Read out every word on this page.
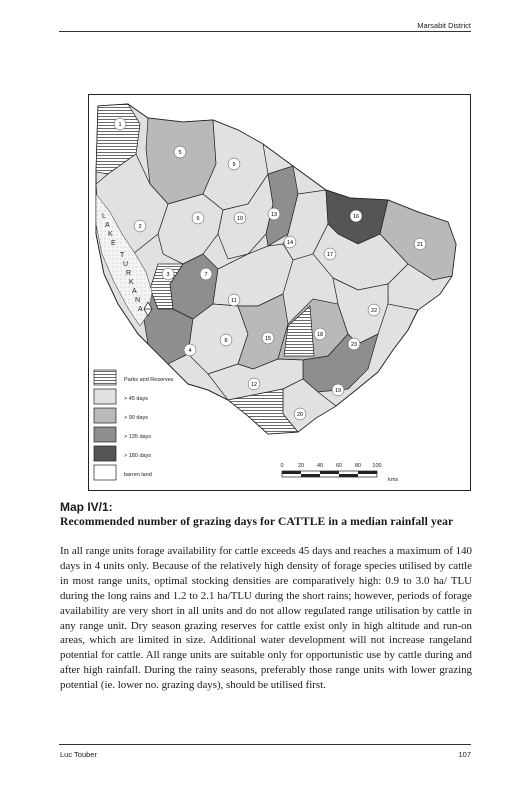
Marsabit District
L
A
K
E
T
U
R
K
A
N
A
1
2
3
4
5
6
7
8
9
10
11
12
13
14
15
16
17
18
19
20
21
22
23
Parks and Reserves
> 45 days
> 90 days
> 135 days
> 180 days
barren land
0	20 40 60 80 100
kms
Map IV/1:
Recommended number of grazing days for CATTLE in a median rainfall year
In all range units forage availability for cattle exceeds 45 days and reaches a maximum of 140 days in 4 units only. Because of the relatively high density of forage species utilised by cattle in most range units, optimal stocking densities are comparatively high: 0.9 to 3.0 ha/ TLU during the long rains and 1.2 to 2.1 ha/TLU during the short rains; however, periods of forage availability are very short in all units and do not allow regulated range utilisation by cattle in any range unit. Dry season grazing reserves for cattle exist only in high altitude and run-on areas, which are limited in size. Additional water development will not increase rangeland potential for cattle. All range units are suitable only for opportunistic use by cattle during and after high rainfall. During the rainy seasons, preferably those range units with lower grazing potential (ie. lower no. grazing days), should be utilised first.
Luc Touber	107
